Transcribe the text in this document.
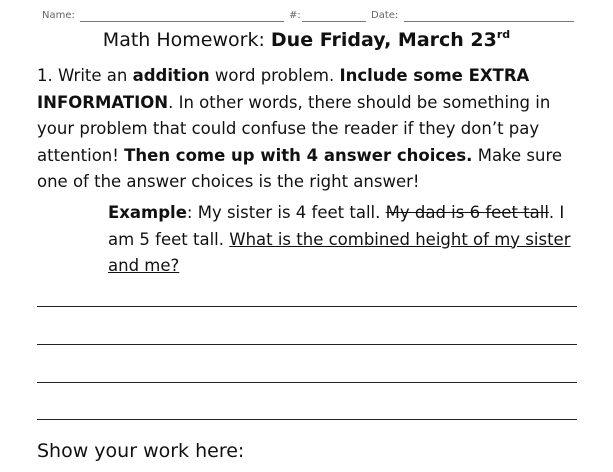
Name:	#:	Date:
Math Homework: Due Friday, March 23rd
1. Write an addition word problem. Include some EXTRA INFORMATION. In other words, there should be something in your problem that could confuse the reader if they don’t pay attention! Then come up with 4 answer choices. Make sure one of the answer choices is the right answer!
Example: My sister is 4 feet tall. My dad is 6 feet tall. I am 5 feet tall. What is the combined height of my sister and me?
Show your work here:
